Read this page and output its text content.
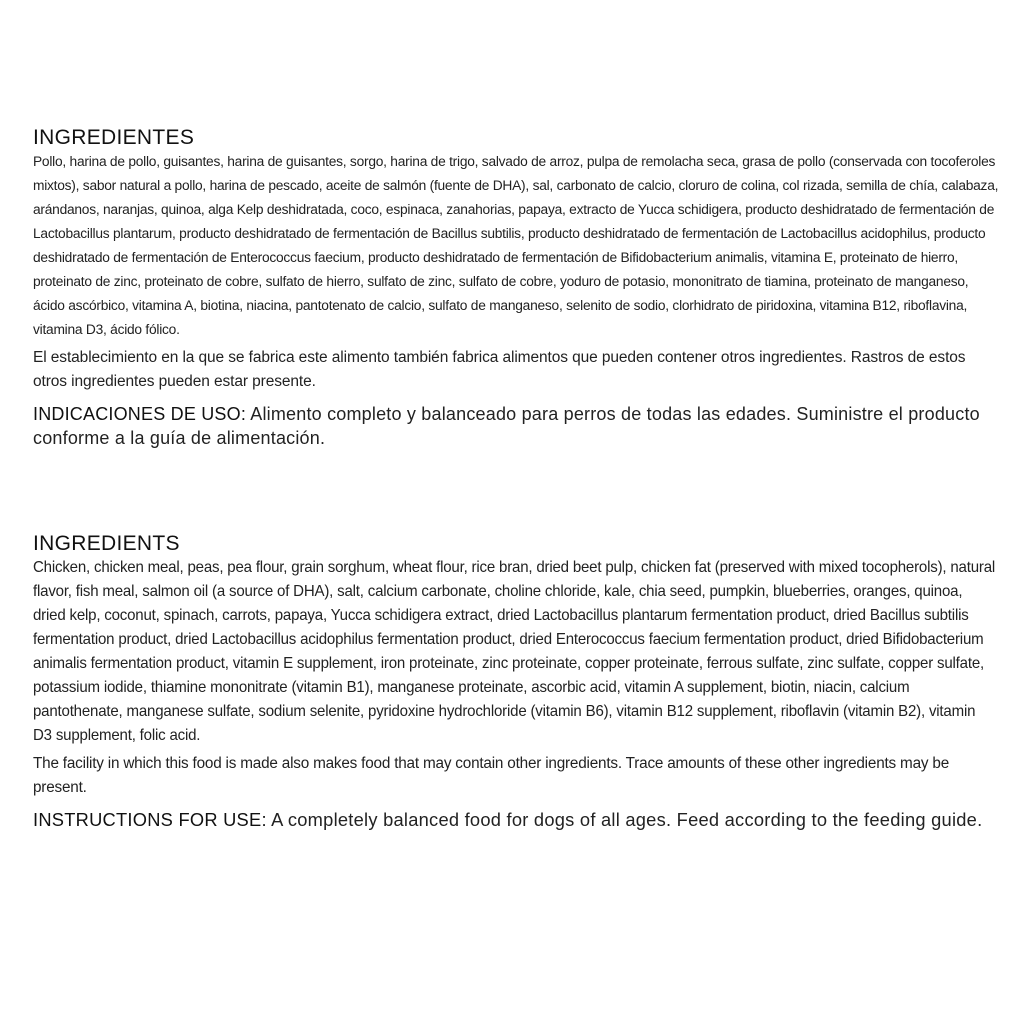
INGREDIENTES

Pollo, harina de pollo, guisantes, harina de guisantes, sorgo, harina de trigo, salvado de arroz, pulpa de remolacha seca, grasa de pollo (conservada con tocoferoles mixtos), sabor natural a pollo, harina de pescado, aceite de salmón (fuente de DHA), sal, carbonato de calcio, cloruro de colina, col rizada, semilla de chía, calabaza, arándanos, naranjas, quinoa, alga Kelp deshidratada, coco, espinaca, zanahorias, papaya, extracto de Yucca schidigera, producto deshidratado de fermentación de Lactobacillus plantarum, producto deshidratado de fermentación de Bacillus subtilis, producto deshidratado de fermentación de Lactobacillus acidophilus, producto deshidratado de fermentación de Enterococcus faecium, producto deshidratado de fermentación de Bifidobacterium animalis, vitamina E, proteinato de hierro, proteinato de zinc, proteinato de cobre, sulfato de hierro, sulfato de zinc, sulfato de cobre, yoduro de potasio, mononitrato de tiamina, proteinato de manganeso, ácido ascórbico, vitamina A, biotina, niacina, pantotenato de calcio, sulfato de manganeso, selenito de sodio, clorhidrato de piridoxina, vitamina B12, riboflavina, vitamina D3, ácido fólico.

El establecimiento en la que se fabrica este alimento también fabrica alimentos que pueden contener otros ingredientes. Rastros de estos otros ingredientes pueden estar presente.
INDICACIONES DE USO: Alimento completo y balanceado para perros de todas las edades. Suministre el producto conforme a la guía de alimentación.
INGREDIENTS

Chicken, chicken meal, peas, pea flour, grain sorghum, wheat flour, rice bran, dried beet pulp, chicken fat (preserved with mixed tocopherols), natural flavor, fish meal, salmon oil (a source of DHA), salt, calcium carbonate, choline chloride, kale, chia seed, pumpkin, blueberries, oranges, quinoa, dried kelp, coconut, spinach, carrots, papaya, Yucca schidigera extract, dried Lactobacillus plantarum fermentation product, dried Bacillus subtilis fermentation product, dried Lactobacillus acidophilus fermentation product, dried Enterococcus faecium fermentation product, dried Bifidobacterium animalis fermentation product, vitamin E supplement, iron proteinate, zinc proteinate, copper proteinate, ferrous sulfate, zinc sulfate, copper sulfate, potassium iodide, thiamine mononitrate (vitamin B1), manganese proteinate, ascorbic acid, vitamin A supplement, biotin, niacin, calcium pantothenate, manganese sulfate, sodium selenite, pyridoxine hydrochloride (vitamin B6), vitamin B12 supplement, riboflavin (vitamin B2), vitamin D3 supplement, folic acid.

The facility in which this food is made also makes food that may contain other ingredients. Trace amounts of these other ingredients may be present.
INSTRUCTIONS FOR USE: A completely balanced food for dogs of all ages. Feed according to the feeding guide.
